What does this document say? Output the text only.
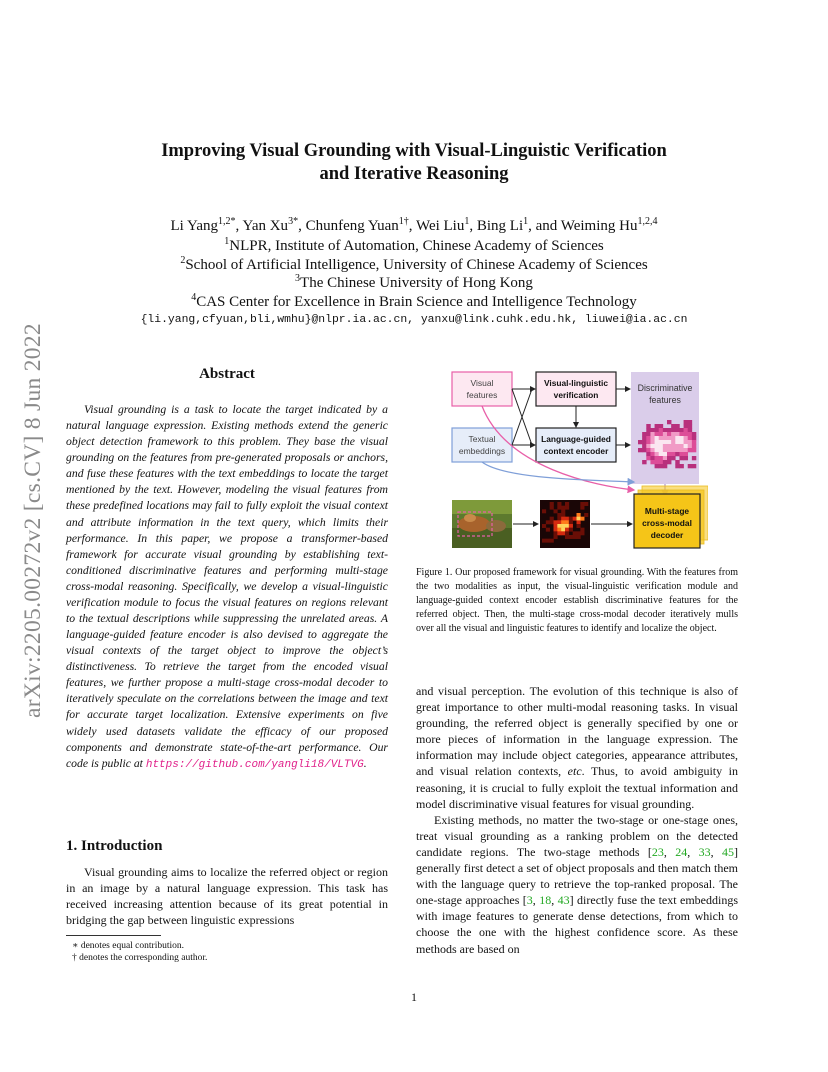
arXiv:2205.00272v2 [cs.CV] 8 Jun 2022
Improving Visual Grounding with Visual-Linguistic Verification
and Iterative Reasoning
Li Yang$^{1,2*}$, Yan $Xu^{3*}$, Chunfeng Yuan$^{1\dagger}$, Wei Liu$^1$, Bing Li$^1$, and Weiming Hu$^{1,2,4}$
$^1$NLPR, Institute of Automation, Chinese Academy of Sciences
$^2$School of Artificial Intelligence, University of Chinese Academy of Sciences
$^3$The Chinese University of Hong Kong
$^4$CAS Center for Excellence in Brain Science and Intelligence Technology
{li.yang,cfyuan,bli,wmhu}@nlpr.ia.ac.cn, yanxu@link.cuhk.edu.hk, liuwei@ia.ac.cn
Abstract
Visual grounding is a task to locate the target indicated by a natural language expression. Existing methods extend the generic object detection framework to this problem. They base the visual grounding on the features from pre-generated proposals or anchors, and fuse these features with the text embeddings to locate the target mentioned by the text. However, modeling the visual features from these predefined locations may fail to fully exploit the visual context and attribute information in the text query, which limits their performance. In this paper, we propose a transformer-based framework for accurate visual grounding by establishing text-conditioned discriminative features and performing multi-stage cross-modal reasoning. Specifically, we develop a visual-linguistic verification module to focus the visual features on regions relevant to the textual descriptions while suppressing the unrelated areas. A language-guided feature encoder is also devised to aggregate the visual contexts of the target object to improve the object’s distinctiveness. To retrieve the target from the encoded visual features, we further propose a multi-stage cross-modal decoder to iteratively speculate on the correlations between the image and text for accurate target localization. Extensive experiments on five widely used datasets validate the efficacy of our proposed components and demonstrate state-of-the-art performance. Our code is public at https://github.com/yangli18/VLTVG.
1. Introduction
Visual grounding aims to localize the referred object or region in an image by a natural language expression. This task has received increasing attention because of its great potential in bridging the gap between linguistic expressions
∗ denotes equal contribution.
† denotes the corresponding author.
Discriminative
features
Visual
features
Textual
embeddings
Visual-linguistic
verification
Language-guided
context encoder
Multi-stage
cross-modal
decoder
Figure 1. Our proposed framework for visual grounding. With the features from the two modalities as input, the visual-linguistic verification module and language-guided context encoder establish discriminative features for the referred object. Then, the multi-stage cross-modal decoder iteratively mulls over all the visual and linguistic features to identify and localize the object.

and visual perception. The evolution of this technique is also of great importance to other multi-modal reasoning tasks. In visual grounding, the referred object is generally specified by one or more pieces of information in the language expression. The information may include object categories, appearance attributes, and visual relation contexts, etc. Thus, to avoid ambiguity in reasoning, it is crucial to fully exploit the textual information and model discriminative visual features for visual grounding.

Existing methods, no matter the two-stage or one-stage ones, treat visual grounding as a ranking problem on the detected candidate regions. The two-stage methods [23, 24, 33, 45] generally first detect a set of object proposals and then match them with the language query to retrieve the top-ranked proposal. The one-stage approaches [3, 18, 43] directly fuse the text embeddings with image features to generate dense detections, from which to choose the one with the highest confidence score. As these methods are based on

1
